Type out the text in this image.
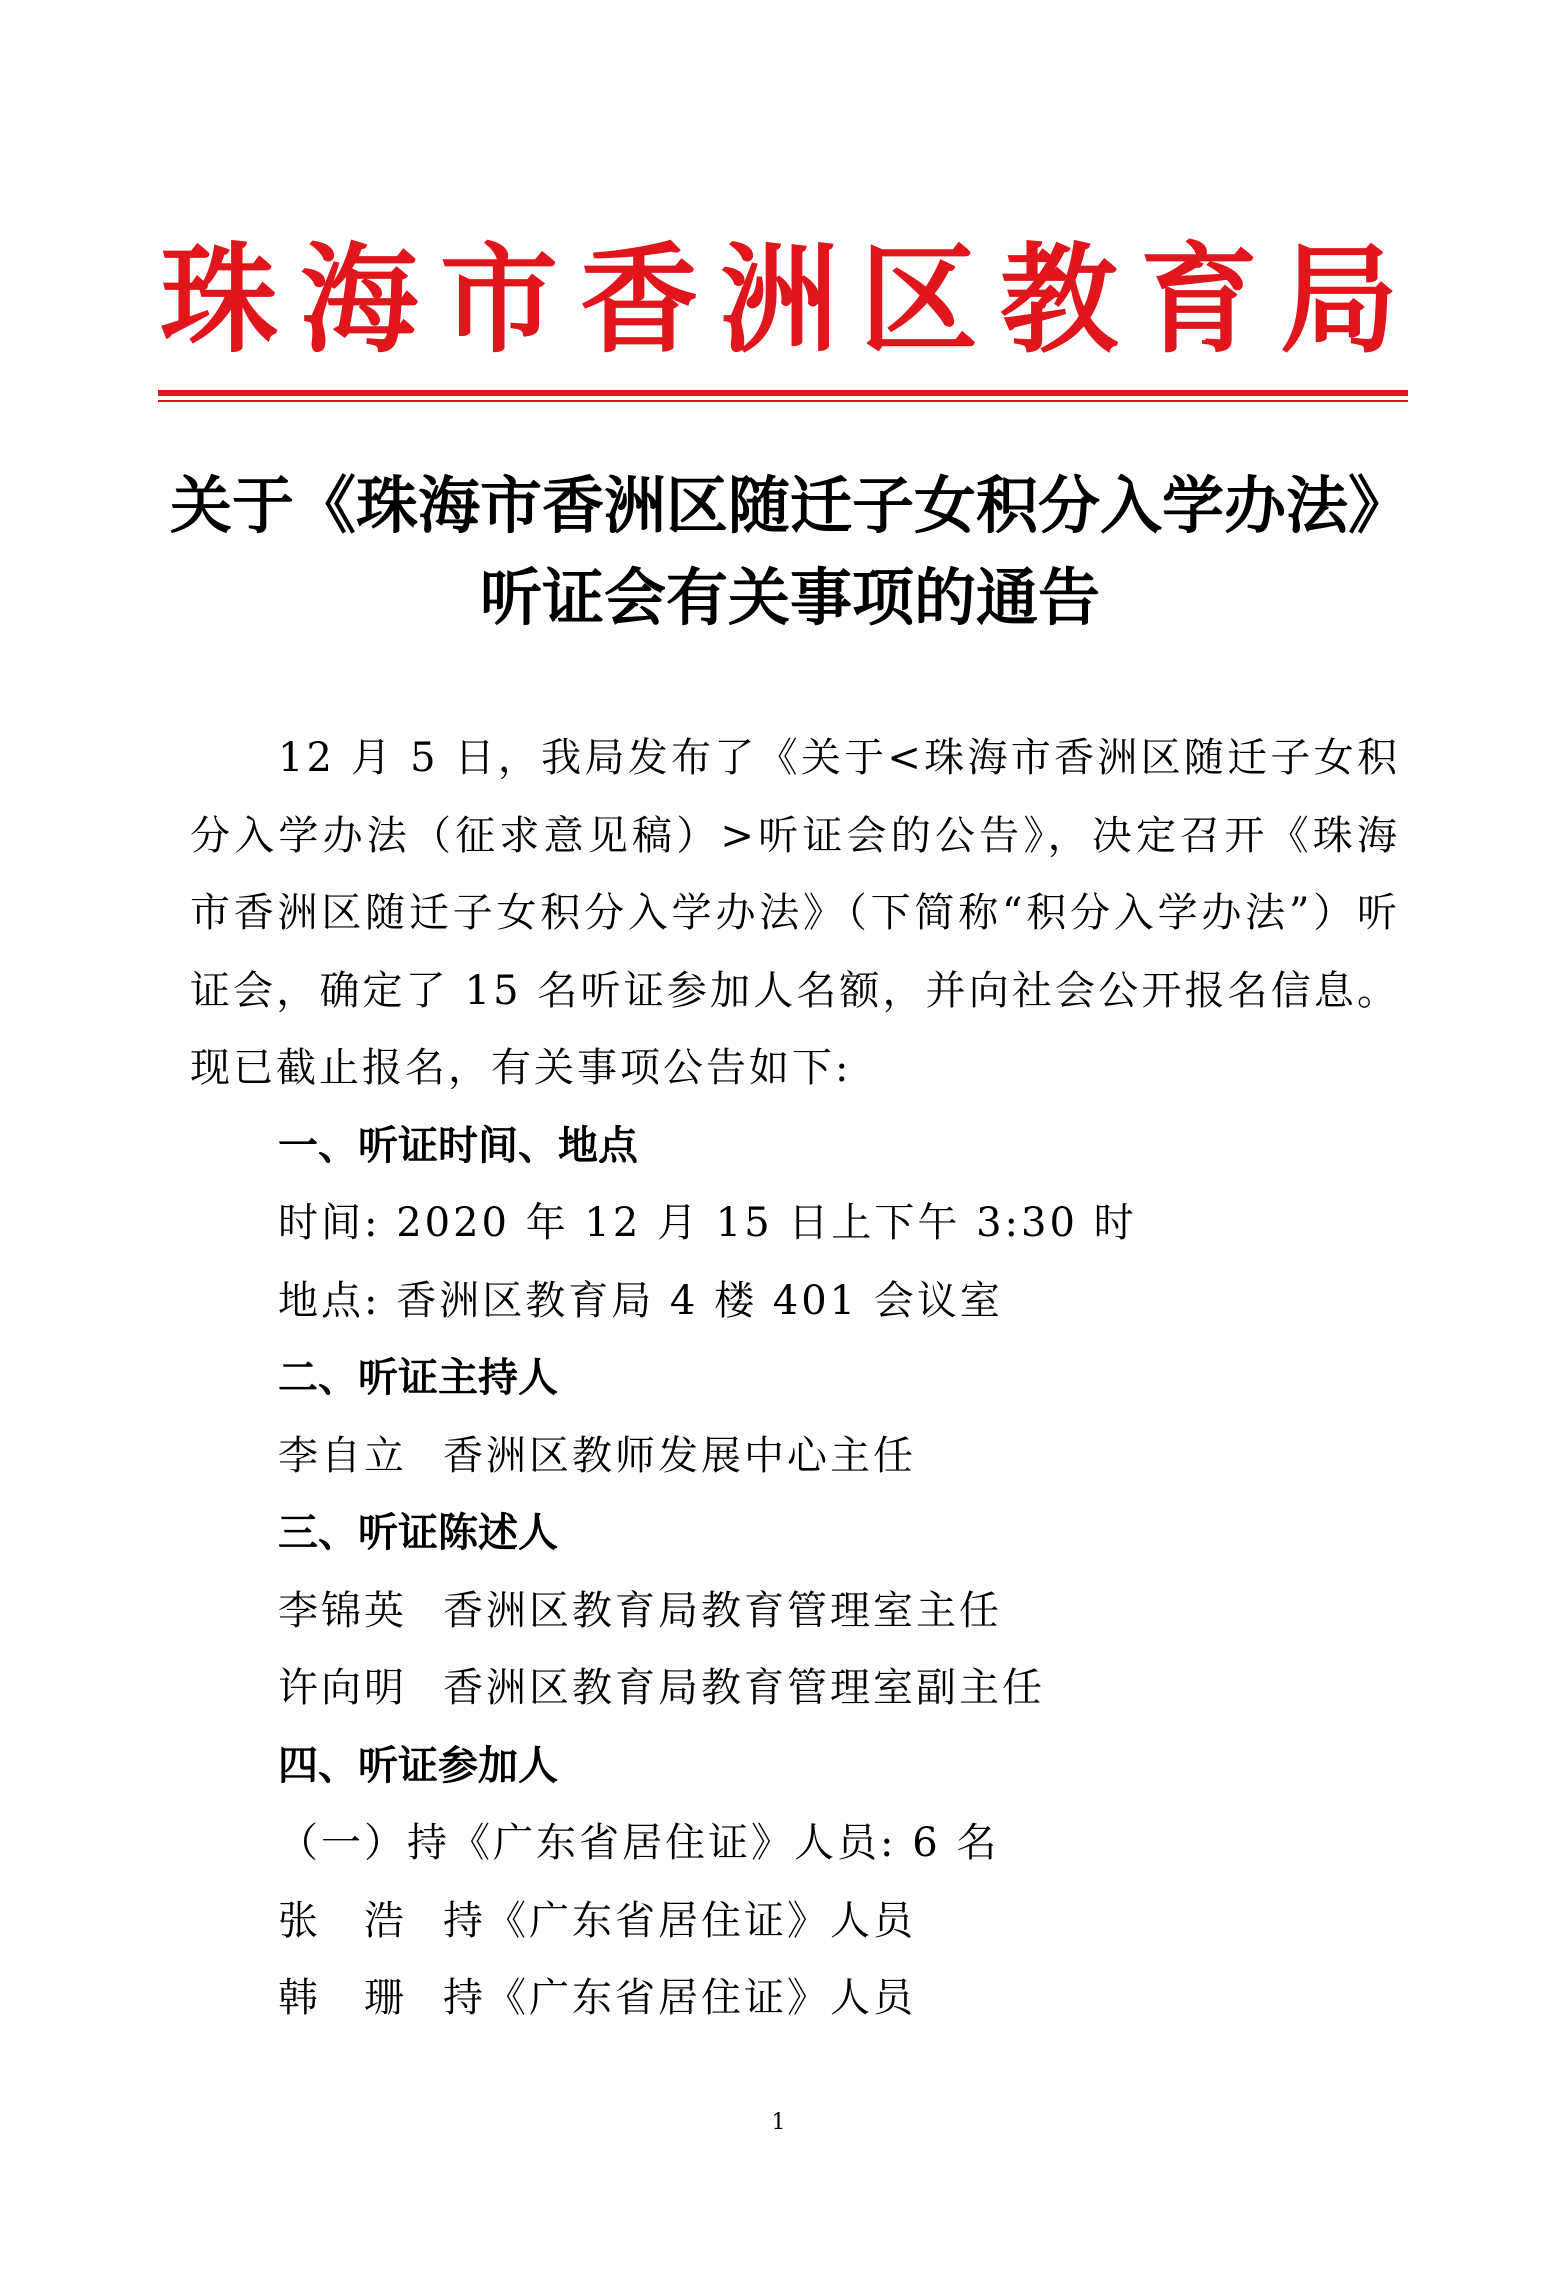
珠海市香洲区教育局
关于《珠海市香洲区随迁子女积分入学办法》
听证会有关事项的通告
12 月 5 日，我局发布了《关于<珠海市香洲区随迁子女积分入学办法（征求意见稿）>听证会的公告》，决定召开《珠海市香洲区随迁子女积分入学办法》（下简称“积分入学办法”）听证会，确定了 15 名听证参加人名额，并向社会公开报名信息。现已截止报名，有关事项公告如下:
一、听证时间、地点
时间: 2020 年 12 月 15 日上下午 3:30 时
地点: 香洲区教育局 4 楼 401 会议室
二、听证主持人
李自立 香洲区教师发展中心主任
三、听证陈述人
李锦英 香洲区教育局教育管理室主任
许向明 香洲区教育局教育管理室副主任
四、听证参加人
（一）持《广东省居住证》人员: 6 名
张　浩 持《广东省居住证》人员
韩　珊 持《广东省居住证》人员
1
